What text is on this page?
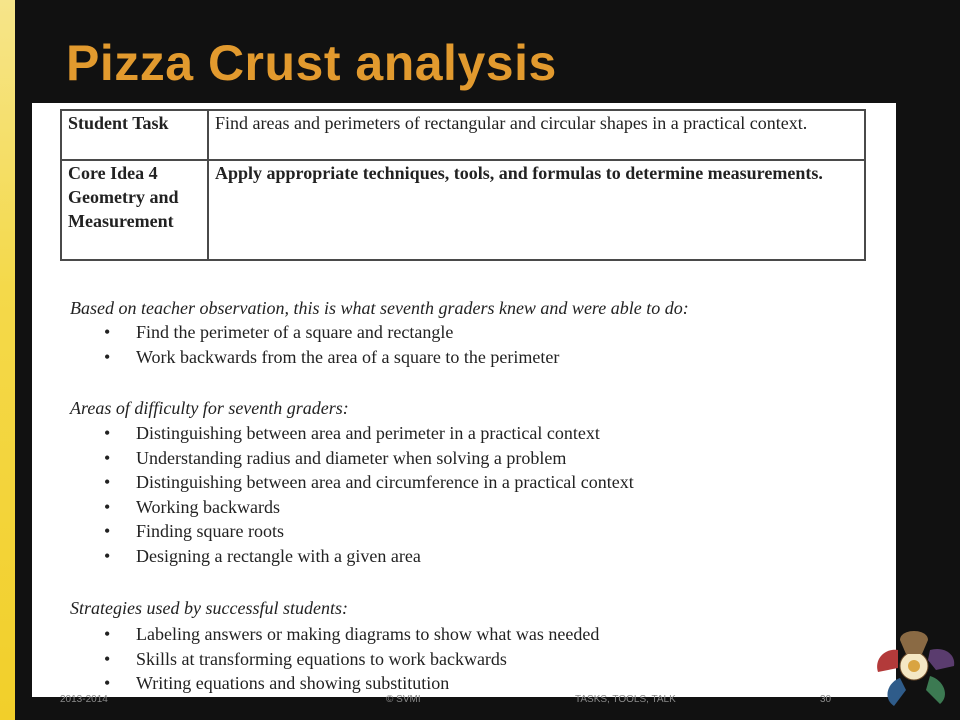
Pizza Crust analysis
Student Task	Find areas and perimeters of rectangular and circular shapes in a practical context.
Core Idea 4 Geometry and Measurement	Apply appropriate techniques, tools, and formulas to determine measurements.

Based on teacher observation, this is what seventh graders knew and were able to do:

• Find the perimeter of a square and rectangle
• Work backwards from the area of a square to the perimeter

Areas of difficulty for seventh graders:

• Distinguishing between area and perimeter in a practical context
• Understanding radius and diameter when solving a problem
• Distinguishing between area and circumference in a practical context
• Working backwards
• Finding square roots
• Designing a rectangle with a given area

Strategies used by successful students:

• Labeling answers or making diagrams to show what was needed
• Skills at transforming equations to work backwards
• Writing equations and showing substitution
2013-2014	© SVMI	TASKS, TOOLS, TALK	30
